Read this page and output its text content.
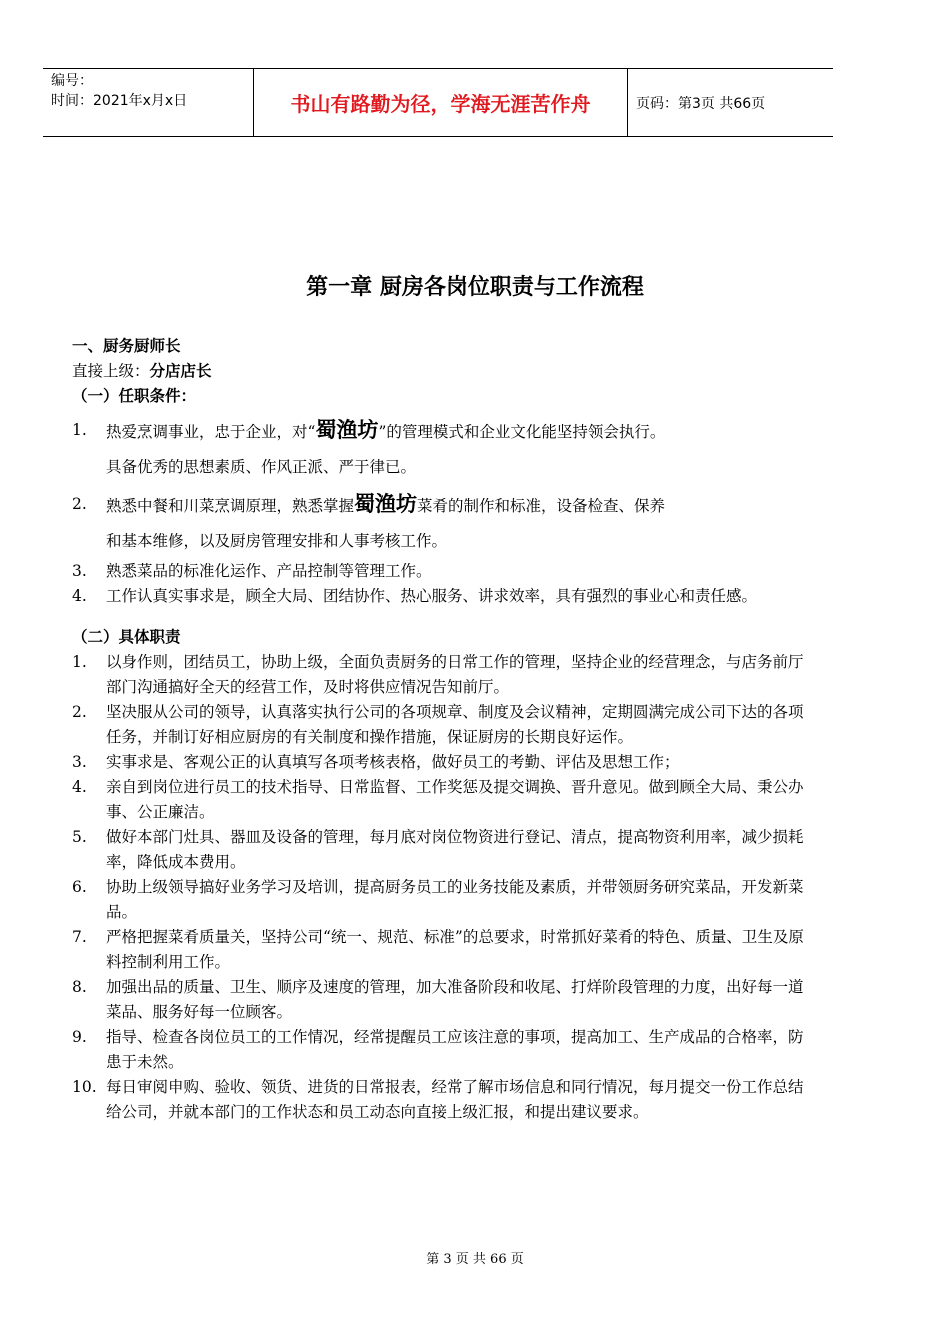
编号：
时间：2021年x月x日	书山有路勤为径，学海无涯苦作舟	页码：第3页 共66页
第一章 厨房各岗位职责与工作流程
一、厨务厨师长
直接上级：分店店长
（一）任职条件：
1.	热爱烹调事业，忠于企业，对“蜀渔坊”的管理模式和企业文化能坚持领会执行。
具备优秀的思想素质、作风正派、严于律已。
2.	熟悉中餐和川菜烹调原理，熟悉掌握蜀渔坊菜肴的制作和标准，设备检查、保养
和基本维修，以及厨房管理安排和人事考核工作。
3.	熟悉菜品的标准化运作、产品控制等管理工作。
4.	工作认真实事求是，顾全大局、团结协作、热心服务、讲求效率，具有强烈的事业心和责任感。
（二）具体职责
1.	以身作则，团结员工，协助上级，全面负责厨务的日常工作的管理，坚持企业的经营理念，与店务前厅部门沟通搞好全天的经营工作，及时将供应情况告知前厅。
2.	坚决服从公司的领导，认真落实执行公司的各项规章、制度及会议精神，定期圆满完成公司下达的各项任务，并制订好相应厨房的有关制度和操作措施，保证厨房的长期良好运作。
3.	实事求是、客观公正的认真填写各项考核表格，做好员工的考勤、评估及思想工作；
4.	亲自到岗位进行员工的技术指导、日常监督、工作奖惩及提交调换、晋升意见。做到顾全大局、秉公办事、公正廉洁。
5.	做好本部门灶具、器皿及设备的管理，每月底对岗位物资进行登记、清点，提高物资利用率，减少损耗率，降低成本费用。
6.	协助上级领导搞好业务学习及培训，提高厨务员工的业务技能及素质，并带领厨务研究菜品，开发新菜品。
7.	严格把握菜肴质量关，坚持公司“统一、规范、标准”的总要求，时常抓好菜肴的特色、质量、卫生及原料控制利用工作。
8.	加强出品的质量、卫生、顺序及速度的管理，加大准备阶段和收尾、打烊阶段管理的力度，出好每一道菜品、服务好每一位顾客。
9.	指导、检查各岗位员工的工作情况，经常提醒员工应该注意的事项，提高加工、生产成品的合格率，防患于未然。
10. 每日审阅申购、验收、领货、进货的日常报表，经常了解市场信息和同行情况，每月提交一份工作总结给公司，并就本部门的工作状态和员工动态向直接上级汇报，和提出建议要求。
第 3 页 共 66 页
